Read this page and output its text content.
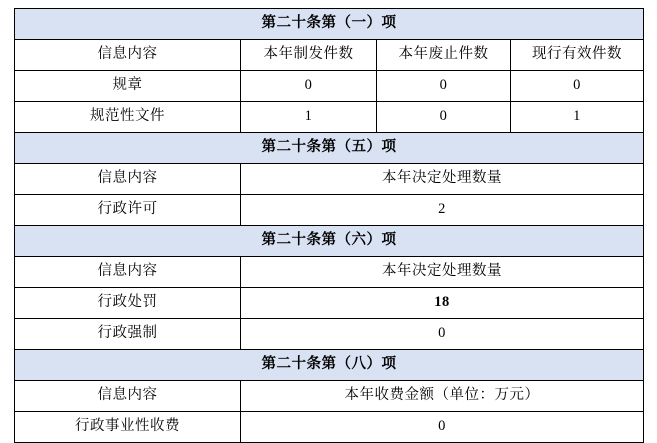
第二十条第（一）项			
信息内容	本年制发件数	本年废止件数	现行有效件数
规章	0	0	0
规范性文件	1	0	1
第二十条第（五）项			
信息内容	本年决定处理数量		
行政许可	2		
第二十条第（六）项			
信息内容	本年决定处理数量		
行政处罚	18		
行政强制	0		
第二十条第（八）项			
信息内容	本年收费金额（单位：万元）		
行政事业性收费	0		
